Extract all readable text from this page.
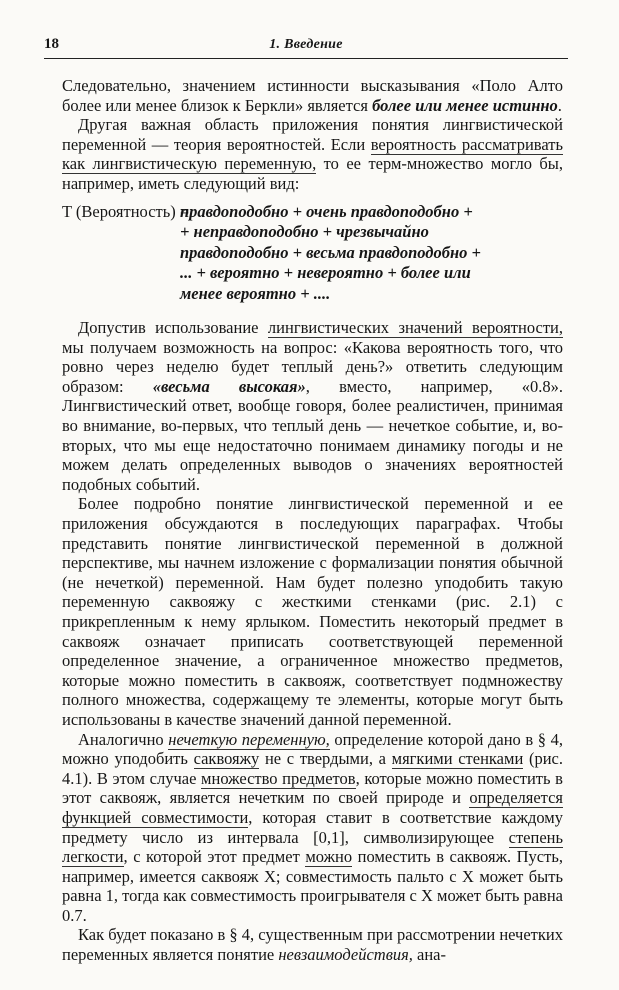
18	1. Введение

Следовательно, значением истинности высказывания «Поло Алто более или менее близок к Беркли» является более или менее истинно.

Другая важная область приложения понятия лингвистической переменной — теория вероятностей. Если вероятность рассматривать как лингвистическую переменную, то ее терм-множество могло бы, например, иметь следующий вид:

T (Вероятность) =
правдоподобно + очень правдоподобно +
+ неправдоподобно + чрезвычайно
правдоподобно + весьма правдоподобно +
... + вероятно + невероятно + более или
менее вероятно + ....

Допустив использование лингвистических значений вероятности, мы получаем возможность на вопрос: «Какова вероятность того, что ровно через неделю будет теплый день?» ответить следующим образом: «весьма высокая», вместо, например, «0.8». Лингвистический ответ, вообще говоря, более реалистичен, принимая во внимание, во-первых, что теплый день — нечеткое событие, и, во-вторых, что мы еще недостаточно понимаем динамику погоды и не можем делать определенных выводов о значениях вероятностей подобных событий.

Более подробно понятие лингвистической переменной и ее приложения обсуждаются в последующих параграфах. Чтобы представить понятие лингвистической переменной в должной перспективе, мы начнем изложение с формализации понятия обычной (не нечеткой) переменной. Нам будет полезно уподобить такую переменную саквояжу с жесткими стенками (рис. 2.1) с прикрепленным к нему ярлыком. Поместить некоторый предмет в саквояж означает приписать соответствующей переменной определенное значение, а ограниченное множество предметов, которые можно поместить в саквояж, соответствует подмножеству полного множества, содержащему те элементы, которые могут быть использованы в качестве значений данной переменной.

Аналогично нечеткую переменную, определение которой дано в § 4, можно уподобить саквояжу не с твердыми, а мягкими стенками (рис. 4.1). В этом случае множество предметов, которые можно поместить в этот саквояж, является нечетким по своей природе и определяется функцией совместимости, которая ставит в соответствие каждому предмету число из интервала [0,1], символизирующее степень легкости, с которой этот предмет можно поместить в саквояж. Пусть, например, имеется саквояж X; совместимость пальто с X может быть равна 1, тогда как совместимость проигрывателя с X может быть равна 0.7.

Как будет показано в § 4, существенным при рассмотрении нечетких переменных является понятие невзаимодействия, ана-
